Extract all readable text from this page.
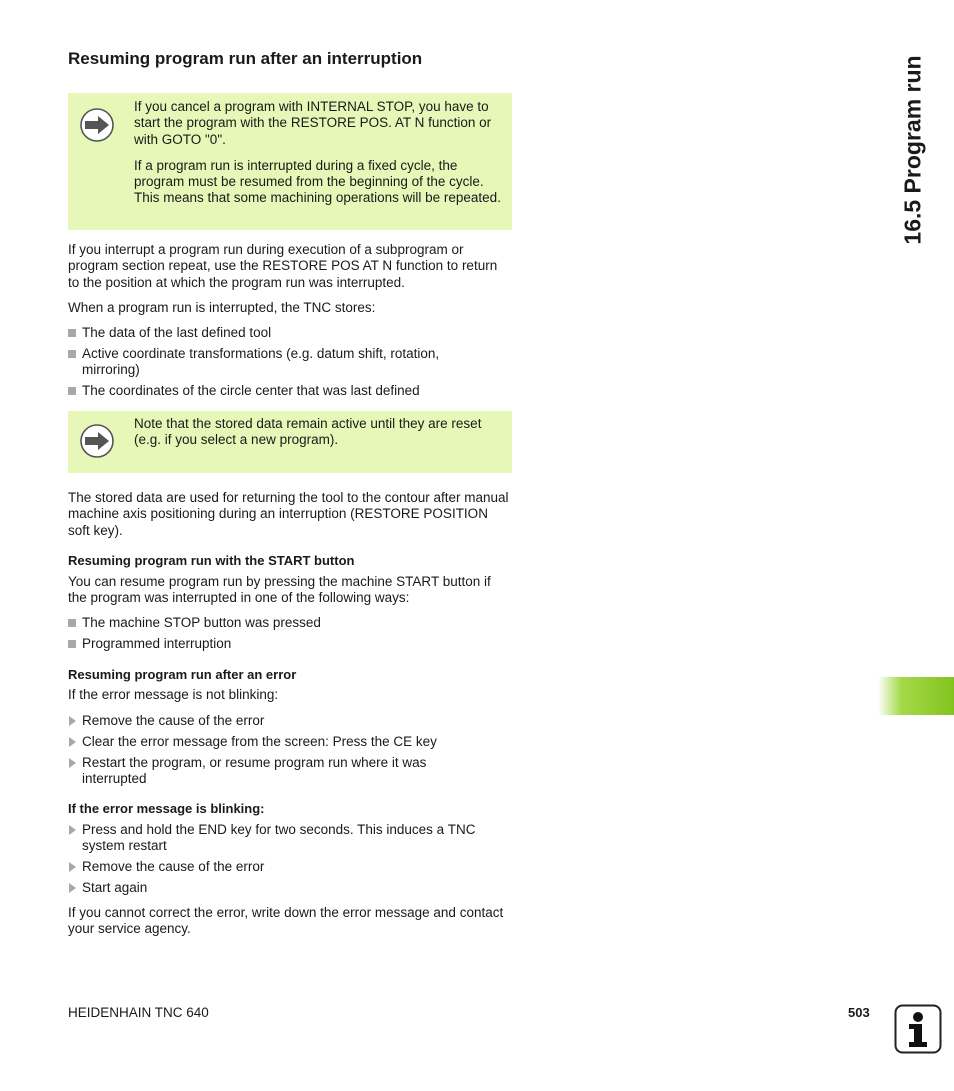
Resuming program run after an interruption

If you cancel a program with INTERNAL STOP, you have to start the program with the RESTORE POS. AT N function or with GOTO "0".

If a program run is interrupted during a fixed cycle, the program must be resumed from the beginning of the cycle. This means that some machining operations will be repeated.

If you interrupt a program run during execution of a subprogram or program section repeat, use the RESTORE POS AT N function to return to the position at which the program run was interrupted.

When a program run is interrupted, the TNC stores:

The data of the last defined tool
Active coordinate transformations (e.g. datum shift, rotation, mirroring)
The coordinates of the circle center that was last defined

Note that the stored data remain active until they are reset (e.g. if you select a new program).

The stored data are used for returning the tool to the contour after manual machine axis positioning during an interruption (RESTORE POSITION soft key).

Resuming program run with the START button

You can resume program run by pressing the machine START button if the program was interrupted in one of the following ways:

The machine STOP button was pressed
Programmed interruption
Resuming program run after an error

If the error message is not blinking:

Remove the cause of the error
Clear the error message from the screen: Press the CE key
Restart the program, or resume program run where it was interrupted
If the error message is blinking:
Press and hold the END key for two seconds. This induces a TNC system restart
Remove the cause of the error
Start again

If you cannot correct the error, write down the error message and contact your service agency.

16.5 Program run
HEIDENHAIN TNC 640	503
